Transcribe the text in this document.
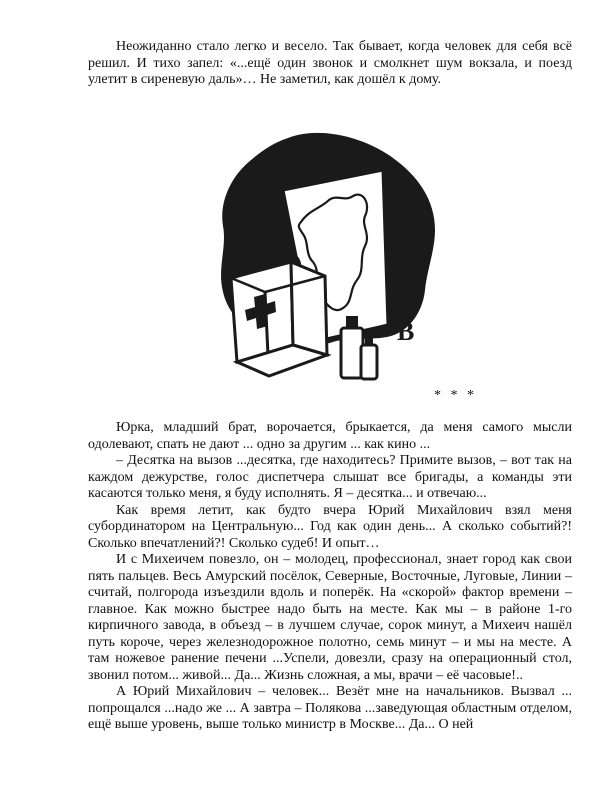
Неожиданно стало легко и весело. Так бывает, когда человек для себя всё решил. И тихо запел: «...ещё один звонок и смолкнет шум вокзала, и поезд улетит в сиреневую даль»… Не заметил, как дошёл к дому.

В
* * *

Юрка, младший брат, ворочается, брыкается, да меня самого мысли одолевают, спать не дают ... одно за другим ... как кино ...

– Десятка на вызов ...десятка, где находитесь? Примите вызов, – вот так на каждом дежурстве, голос диспетчера слышат все бригады, а команды эти касаются только меня, я буду исполнять. Я – десятка... и отвечаю...

Как время летит, как будто вчера Юрий Михайлович взял меня субординатором на Центральную... Год как один день... А сколько событий?! Сколько впечатлений?! Сколько судеб! И опыт…

И с Михеичем повезло, он – молодец, профессионал, знает город как свои пять пальцев. Весь Амурский посёлок, Северные, Восточные, Луговые, Линии – считай, полгорода изъездили вдоль и поперёк. На «скорой» фактор времени – главное. Как можно быстрее надо быть на месте. Как мы – в районе 1-го кирпичного завода, в объезд – в лучшем случае, сорок минут, а Михеич нашёл путь короче, через железнодорожное полотно, семь минут – и мы на месте. А там ножевое ранение печени ...Успели, довезли, сразу на операционный стол, звонил потом... живой... Да... Жизнь сложная, а мы, врачи – её часовые!..

А Юрий Михайлович – человек... Везёт мне на начальников. Вызвал ... попрощался ...надо же ... А завтра – Полякова ...заведующая областным отделом, ещё выше уровень, выше только министр в Москве... Да... О ней
